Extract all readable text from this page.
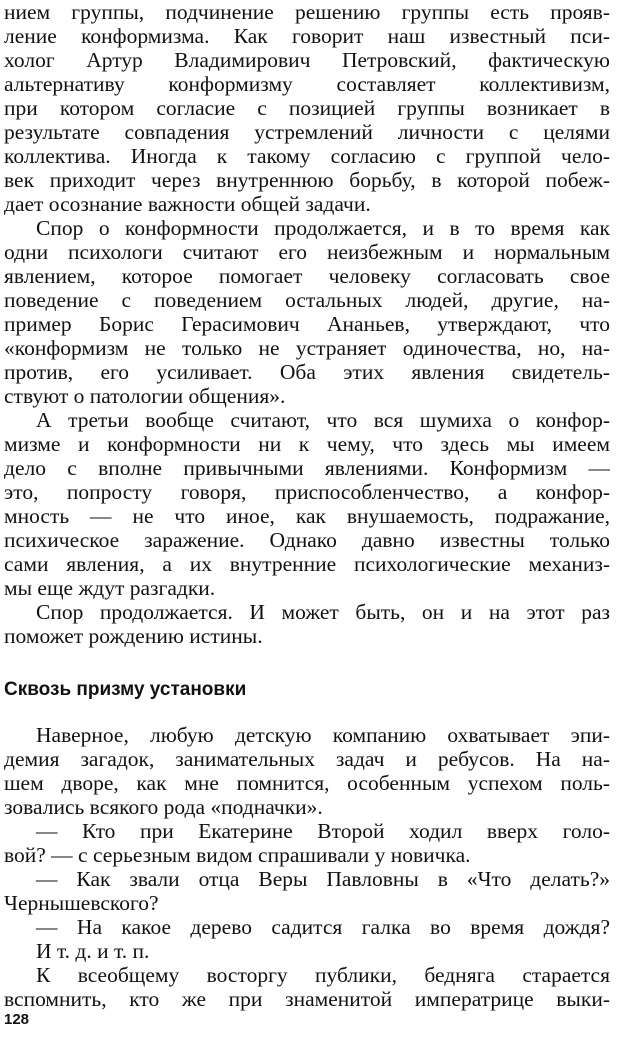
нием группы, подчинение решению группы есть прояв-
ление конформизма. Как говорит наш известный пси-
холог Артур Владимирович Петровский, фактическую
альтернативу конформизму составляет коллективизм,
при котором согласие с позицией группы возникает в
результате совпадения устремлений личности с целями
коллектива. Иногда к такому согласию с группой чело-
век приходит через внутреннюю борьбу, в которой побеж-
дает осознание важности общей задачи.
Спор о конформности продолжается, и в то время как
одни психологи считают его неизбежным и нормальным
явлением, которое помогает человеку согласовать свое
поведение с поведением остальных людей, другие, на-
пример Борис Герасимович Ананьев, утверждают, что
«конформизм не только не устраняет одиночества, но, на-
против, его усиливает. Оба этих явления свидетель-
ствуют о патологии общения».
А третьи вообще считают, что вся шумиха о конфор-
мизме и конформности ни к чему, что здесь мы имеем
дело с вполне привычными явлениями. Конформизм —
это, попросту говоря, приспособленчество, а конфор-
мность — не что иное, как внушаемость, подражание,
психическое заражение. Однако давно известны только
сами явления, а их внутренние психологические механиз-
мы еще ждут разгадки.
Спор продолжается. И может быть, он и на этот раз
поможет рождению истины.
Сквозь призму установки
Наверное, любую детскую компанию охватывает эпи-
демия загадок, занимательных задач и ребусов. На на-
шем дворе, как мне помнится, особенным успехом поль-
зовались всякого рода «подначки».
— Кто при Екатерине Второй ходил вверх голо-
вой? — с серьезным видом спрашивали у новичка.
— Как звали отца Веры Павловны в «Что делать?»
Чернышевского?
— На какое дерево садится галка во время дождя?
И т. д. и т. п.
К всеобщему восторгу публики, бедняга старается
вспомнить, кто же при знаменитой императрице выки-
128
